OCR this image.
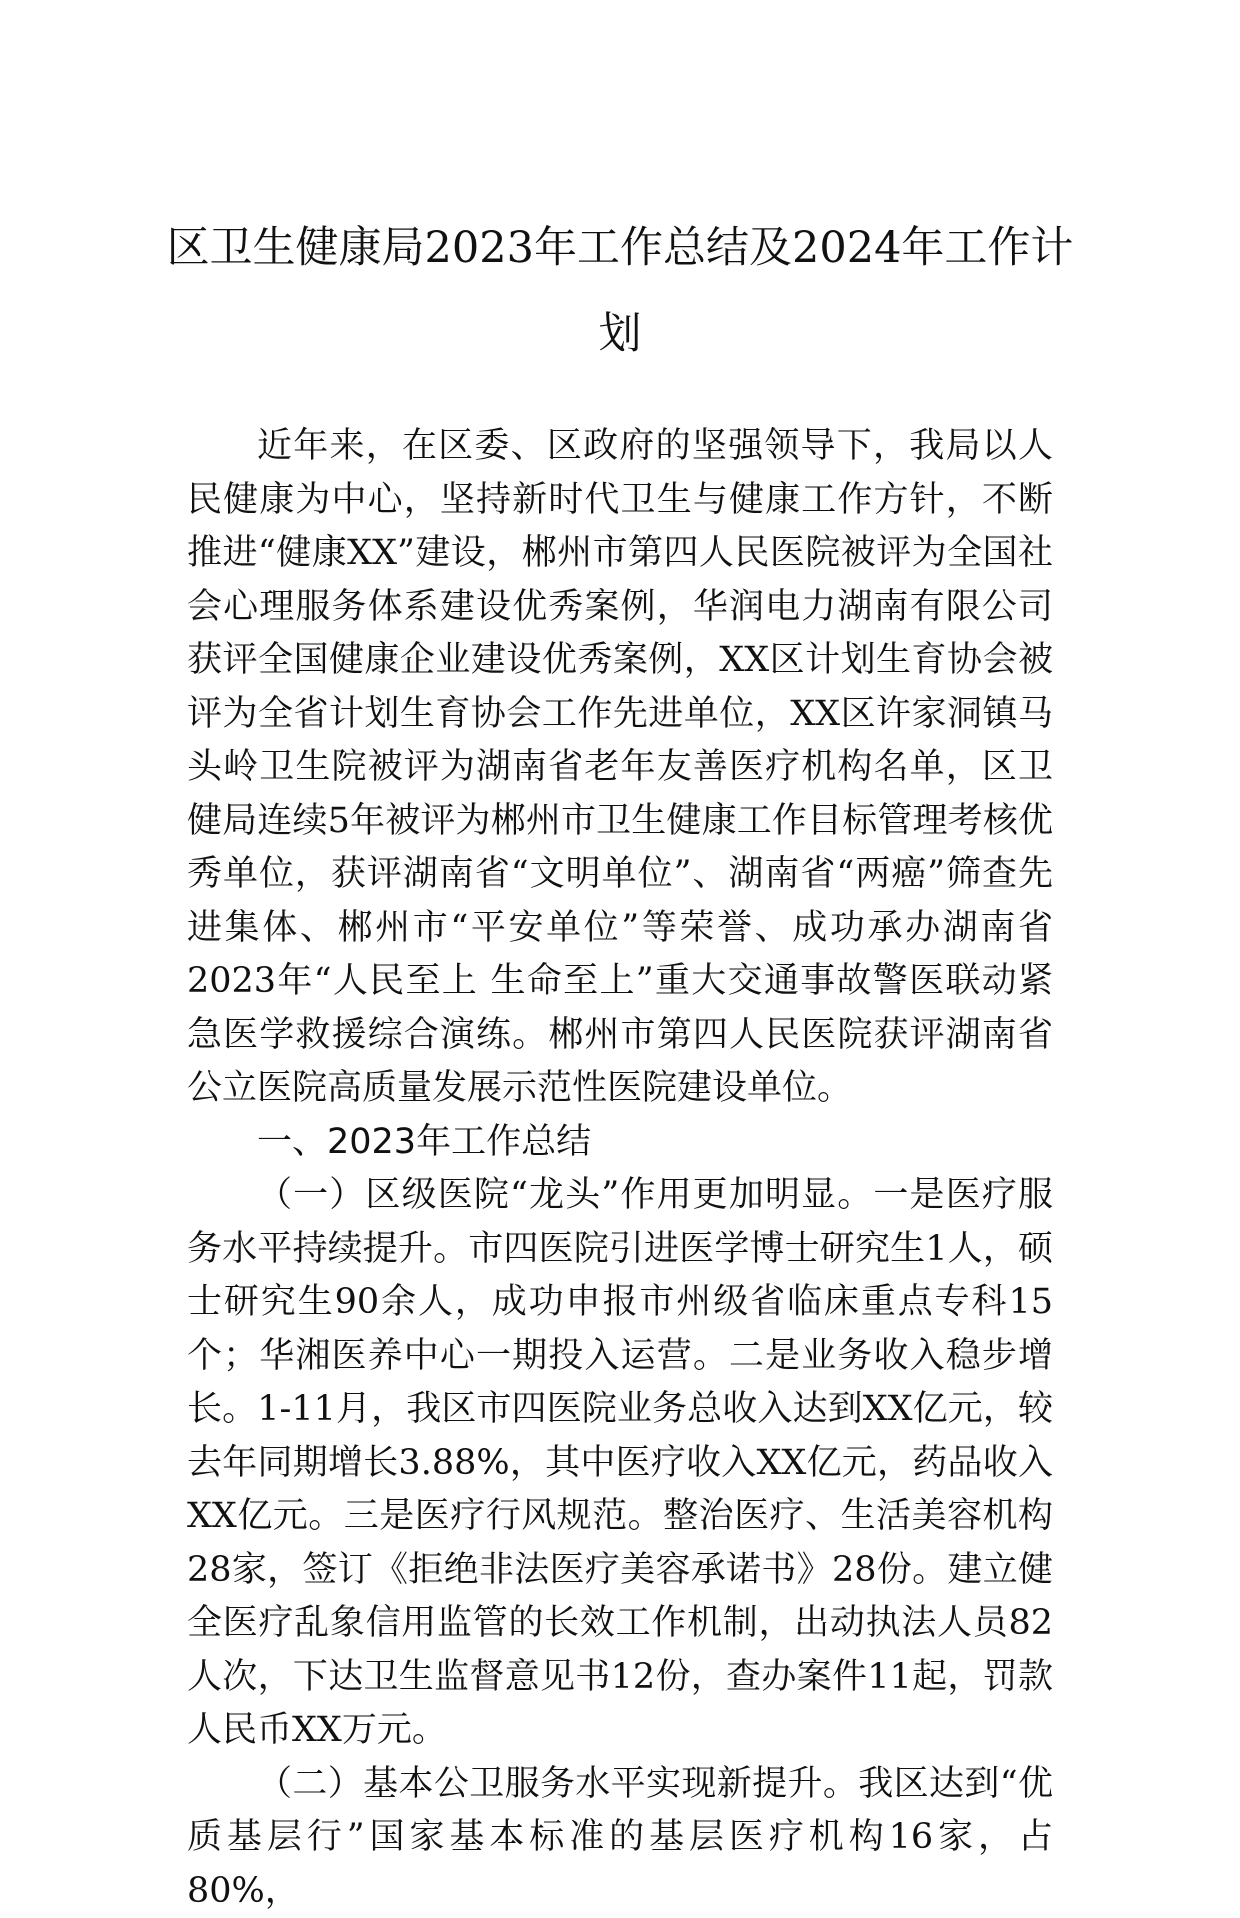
区卫生健康局2023年工作总结及2024年工作计划

近年来，在区委、区政府的坚强领导下，我局以人民健康为中心，坚持新时代卫生与健康工作方针，不断推进“健康XX”建设，郴州市第四人民医院被评为全国社会心理服务体系建设优秀案例，华润电力湖南有限公司获评全国健康企业建设优秀案例，XX区计划生育协会被评为全省计划生育协会工作先进单位，XX区许家洞镇马头岭卫生院被评为湖南省老年友善医疗机构名单，区卫健局连续5年被评为郴州市卫生健康工作目标管理考核优秀单位，获评湖南省“文明单位”、湖南省“两癌”筛查先进集体、郴州市“平安单位”等荣誉、成功承办湖南省2023年“人民至上 生命至上”重大交通事故警医联动紧急医学救援综合演练。郴州市第四人民医院获评湖南省公立医院高质量发展示范性医院建设单位。

一、2023年工作总结

（一）区级医院“龙头”作用更加明显。一是医疗服务水平持续提升。市四医院引进医学博士研究生1人，硕士研究生90余人，成功申报市州级省临床重点专科15个；华湘医养中心一期投入运营。二是业务收入稳步增长。1-11月，我区市四医院业务总收入达到XX亿元，较去年同期增长3.88%，其中医疗收入XX亿元，药品收入XX亿元。三是医疗行风规范。整治医疗、生活美容机构28家，签订《拒绝非法医疗美容承诺书》28份。建立健全医疗乱象信用监管的长效工作机制，出动执法人员82人次，下达卫生监督意见书12份，查办案件11起，罚款人民币XX万元。

（二）基本公卫服务水平实现新提升。我区达到“优质基层行”国家基本标准的基层医疗机构16家，占80%，
